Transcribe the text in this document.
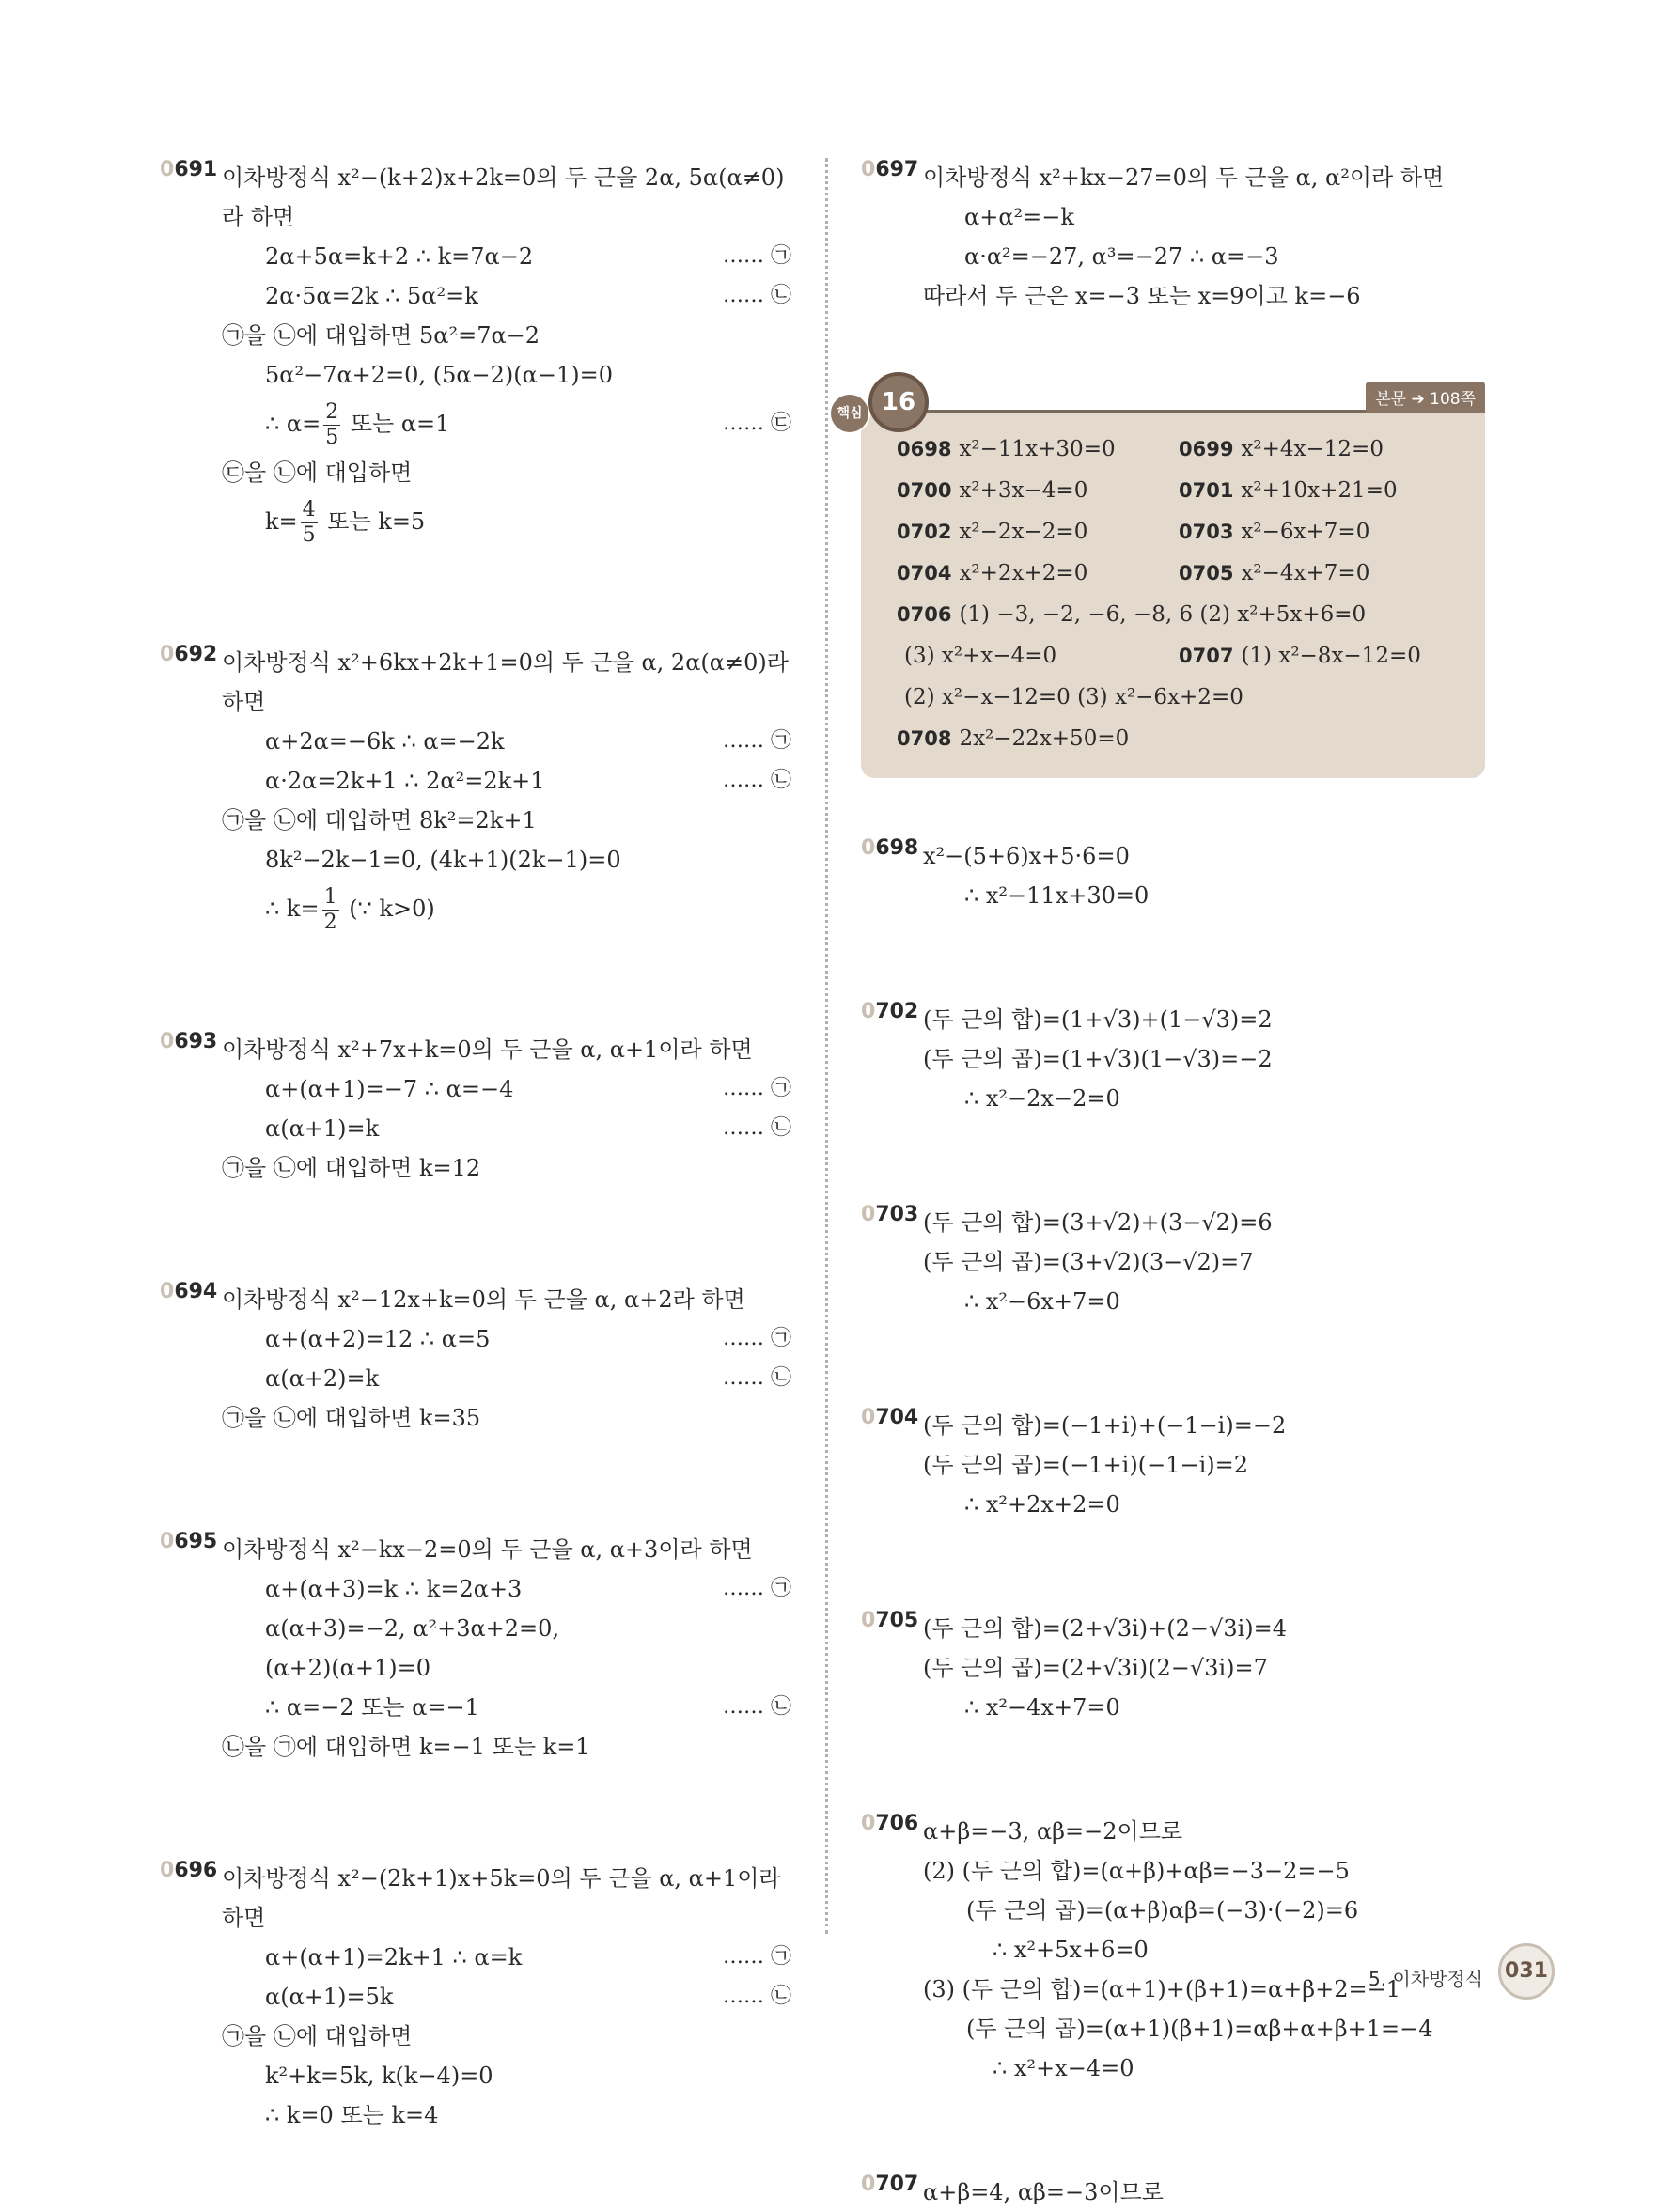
0691 이차방정식 x²−(k+2)x+2k=0의 두 근을 2α, 5α(α≠0)
라 하면
2α+5α=k+2 ∴ k=7α−2	…… ㉠
2α·5α=2k ∴ 5α²=k	…… ㉡
㉠을 ㉡에 대입하면 5α²=7α−2
5α²−7α+2=0, (5α−2)(α−1)=0
∴ $\alpha= \frac{2}{5}$ 또는 α=1	…… ㉢
㉢을 ㉡에 대입하면
$k= \frac{4}{5}$ 또는 k=5
0692 이차방정식 x²+6kx+2k+1=0의 두 근을 α, 2α(α≠0)라
하면
α+2α=−6k ∴ α=−2k	…… ㉠
α·2α=2k+1 ∴ 2α²=2k+1	…… ㉡
㉠을 ㉡에 대입하면 8k²=2k+1
8k²−2k−1=0, (4k+1)(2k−1)=0
∴ $k= \frac{1}{2}$ (∵ k>0)
0693 이차방정식 x²+7x+k=0의 두 근을 α, α+1이라 하면
α+(α+1)=−7 ∴ α=−4	…… ㉠
α(α+1)=k	…… ㉡
㉠을 ㉡에 대입하면 k=12
0694 이차방정식 x²−12x+k=0의 두 근을 α, α+2라 하면
α+(α+2)=12 ∴ α=5	…… ㉠
α(α+2)=k	…… ㉡
㉠을 ㉡에 대입하면 k=35
0695 이차방정식 x²−kx−2=0의 두 근을 α, α+3이라 하면
α+(α+3)=k ∴ k=2α+3	…… ㉠
α(α+3)=−2, α²+3α+2=0,
(α+2)(α+1)=0
∴ α=−2 또는 α=−1	…… ㉡
㉡을 ㉠에 대입하면 k=−1 또는 k=1
0696 이차방정식 x²−(2k+1)x+5k=0의 두 근을 α, α+1이라
하면
α+(α+1)=2k+1 ∴ α=k	…… ㉠
α(α+1)=5k	…… ㉡
㉠을 ㉡에 대입하면
k²+k=5k, k(k−4)=0
∴ k=0 또는 k=4
0697 이차방정식 x²+kx−27=0의 두 근을 α, α²이라 하면
α+α²=−k
α·α²=−27, α³=−27 ∴ α=−3
따라서 두 근은 x=−3 또는 x=9이고 k=−6
핵심 16	본문 ➔ 108쪽
0698 x²−11x+30=0	0699 x²+4x−12=0
0700 x²+3x−4=0	0701 x²+10x+21=0
0702 x²−2x−2=0	0703 x²−6x+7=0
0704 x²+2x+2=0	0705 x²−4x+7=0
0706 (1) −3, −2, −6, −8, 6 (2) x²+5x+6=0
(3) x²+x−4=0	0707 (1) x²−8x−12=0
(2) x²−x−12=0 (3) x²−6x+2=0
0708 2x²−22x+50=0
0698 x²−(5+6)x+5·6=0
∴ x²−11x+30=0
0702 (두 근의 합)=(1+√3)+(1−√3)=2
(두 근의 곱)=(1+√3)(1−√3)=−2
∴ x²−2x−2=0
0703 (두 근의 합)=(3+√2)+(3−√2)=6
(두 근의 곱)=(3+√2)(3−√2)=7
∴ x²−6x+7=0
0704 (두 근의 합)=(−1+i)+(−1−i)=−2
(두 근의 곱)=(−1+i)(−1−i)=2
∴ x²+2x+2=0
0705 (두 근의 합)=(2+√3i)+(2−√3i)=4
(두 근의 곱)=(2+√3i)(2−√3i)=7
∴ x²−4x+7=0
0706 α+β=−3, αβ=−2이므로
(2) (두 근의 합)=(α+β)+αβ=−3−2=−5
(두 근의 곱)=(α+β)αβ=(−3)·(−2)=6
∴ x²+5x+6=0
(3) (두 근의 합)=(α+1)+(β+1)=α+β+2=−1
(두 근의 곱)=(α+1)(β+1)=αβ+α+β+1=−4
∴ x²+x−4=0
0707 α+β=4, αβ=−3이므로
5. 이차방정식	031
